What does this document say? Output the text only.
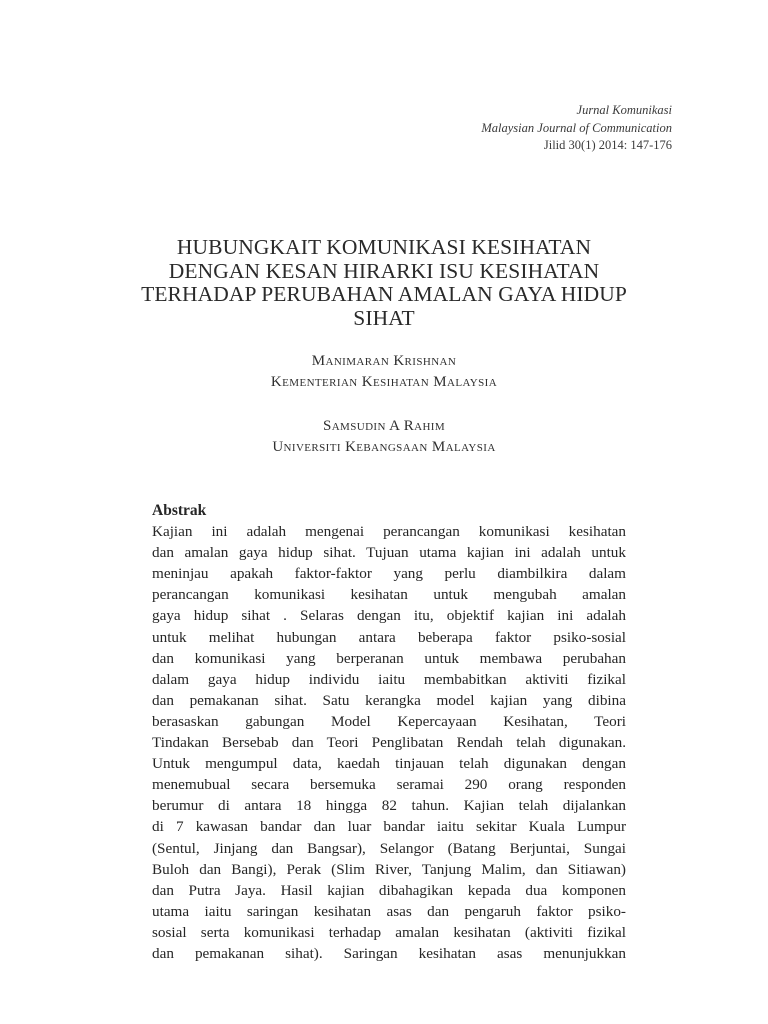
Jurnal Komunikasi
Malaysian Journal of Communication
Jilid 30(1) 2014: 147-176
HUBUNGKAIT KOMUNIKASI KESIHATAN
DENGAN KESAN HIRARKI ISU KESIHATAN
TERHADAP PERUBAHAN AMALAN GAYA HIDUP
SIHAT
Manimaran Krishnan
Kementerian Kesihatan Malaysia
Samsudin A Rahim
Universiti Kebangsaan Malaysia
Abstrak
Kajian ini adalah mengenai perancangan komunikasi kesihatan
dan amalan gaya hidup sihat. Tujuan utama kajian ini adalah untuk
meninjau apakah faktor-faktor yang perlu diambilkira dalam
perancangan komunikasi kesihatan untuk mengubah amalan
gaya hidup sihat . Selaras dengan itu, objektif kajian ini adalah
untuk melihat hubungan antara beberapa faktor psiko-sosial
dan komunikasi yang berperanan untuk membawa perubahan
dalam gaya hidup individu iaitu membabitkan aktiviti fizikal
dan pemakanan sihat. Satu kerangka model kajian yang dibina
berasaskan gabungan Model Kepercayaan Kesihatan, Teori
Tindakan Bersebab dan Teori Penglibatan Rendah telah digunakan.
Untuk mengumpul data, kaedah tinjauan telah digunakan dengan
menemubual secara bersemuka seramai 290 orang responden
berumur di antara 18 hingga 82 tahun. Kajian telah dijalankan
di 7 kawasan bandar dan luar bandar iaitu sekitar Kuala Lumpur
(Sentul, Jinjang dan Bangsar), Selangor (Batang Berjuntai, Sungai
Buloh dan Bangi), Perak (Slim River, Tanjung Malim, dan Sitiawan)
dan Putra Jaya. Hasil kajian dibahagikan kepada dua komponen
utama iaitu saringan kesihatan asas dan pengaruh faktor psiko-
sosial serta komunikasi terhadap amalan kesihatan (aktiviti fizikal
dan pemakanan sihat). Saringan kesihatan asas menunjukkan
